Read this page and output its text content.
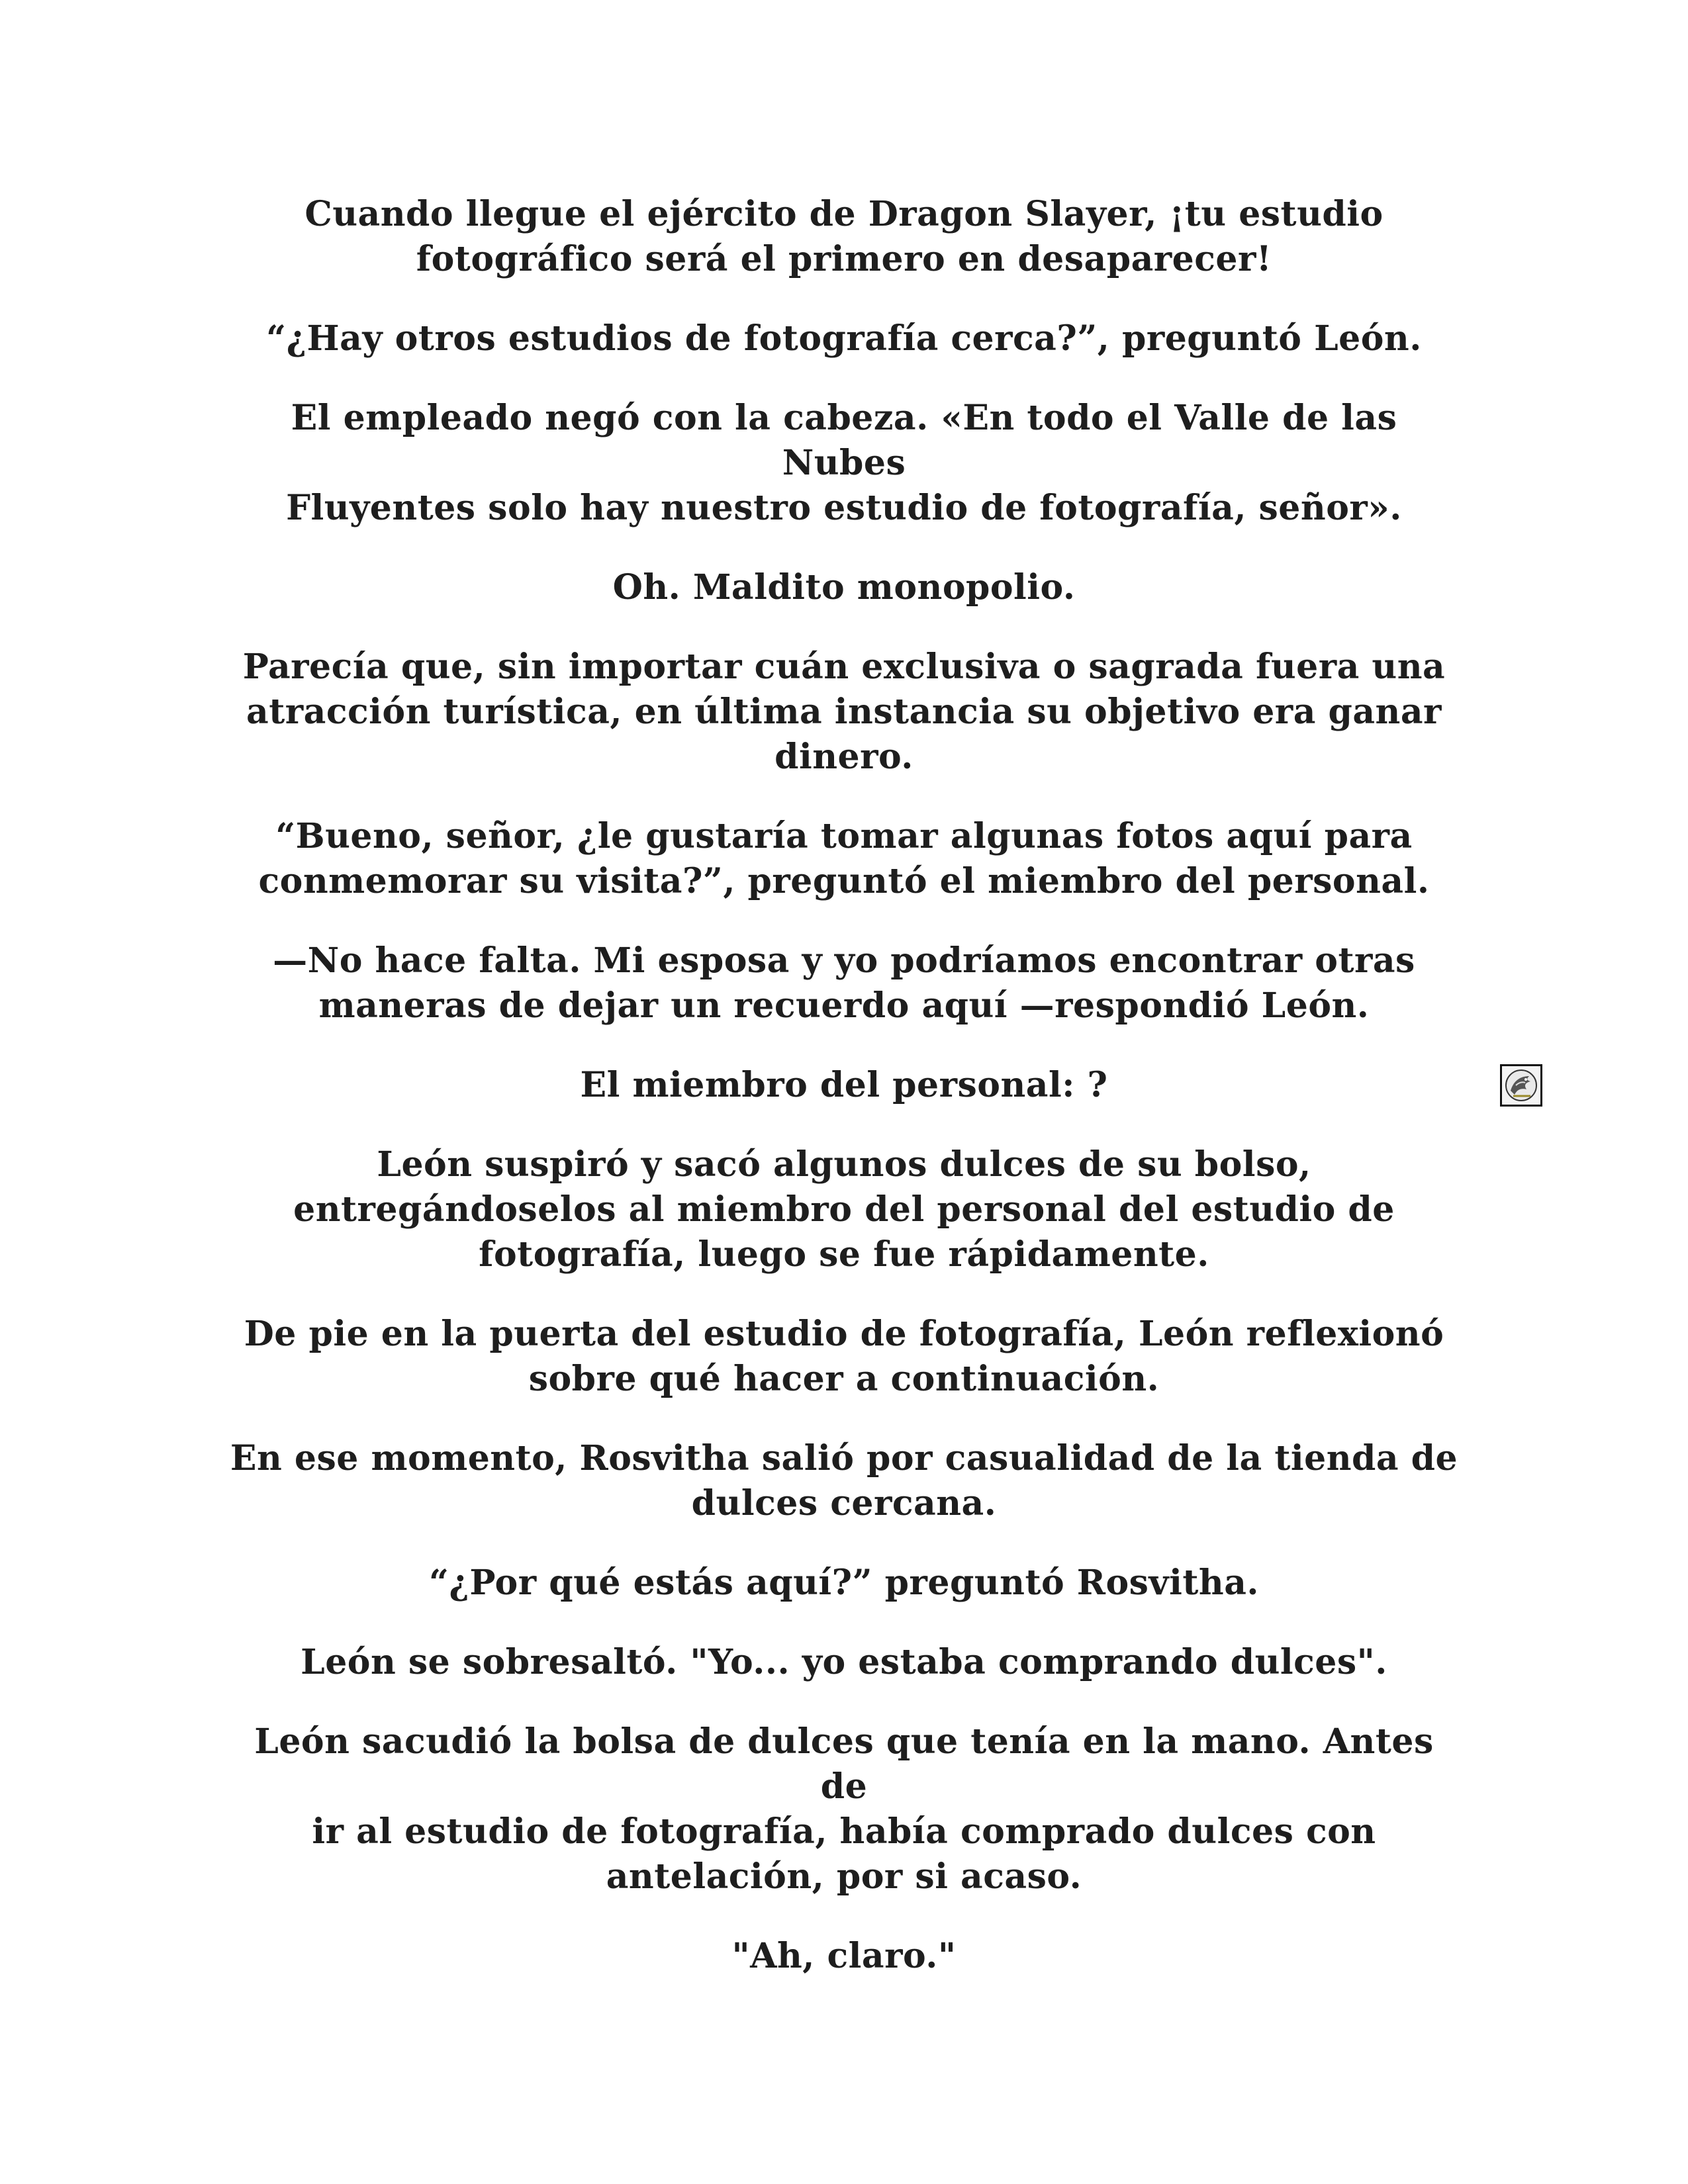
Cuando llegue el ejército de Dragon Slayer, ¡tu estudio
fotográfico será el primero en desaparecer!

“¿Hay otros estudios de fotografía cerca?”, preguntó León.

El empleado negó con la cabeza. «En todo el Valle de las Nubes
Fluyentes solo hay nuestro estudio de fotografía, señor».

Oh. Maldito monopolio.

Parecía que, sin importar cuán exclusiva o sagrada fuera una
atracción turística, en última instancia su objetivo era ganar
dinero.

“Bueno, señor, ¿le gustaría tomar algunas fotos aquí para
conmemorar su visita?”, preguntó el miembro del personal.

—No hace falta. Mi esposa y yo podríamos encontrar otras
maneras de dejar un recuerdo aquí —respondió León.

El miembro del personal: ?

León suspiró y sacó algunos dulces de su bolso,
entregándoselos al miembro del personal del estudio de
fotografía, luego se fue rápidamente.

De pie en la puerta del estudio de fotografía, León reflexionó
sobre qué hacer a continuación.

En ese momento, Rosvitha salió por casualidad de la tienda de
dulces cercana.

“¿Por qué estás aquí?” preguntó Rosvitha.

León se sobresaltó. "Yo... yo estaba comprando dulces".

León sacudió la bolsa de dulces que tenía en la mano. Antes de
ir al estudio de fotografía, había comprado dulces con
antelación, por si acaso.

"Ah, claro."
